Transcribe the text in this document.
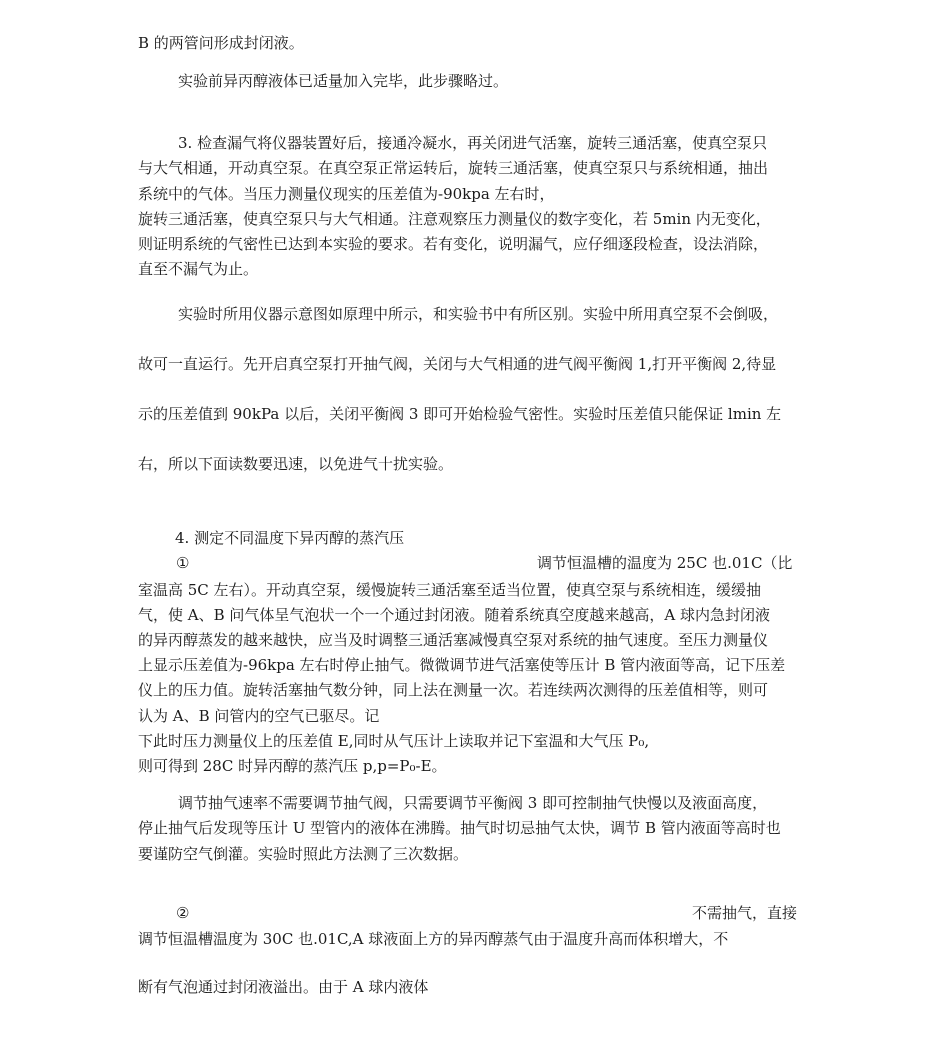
B 的两管问形成封闭液。
实验前异丙醇液体已适量加入完毕，此步骤略过。
3. 检查漏气将仪器装置好后，接通冷凝水，再关闭进气活塞，旋转三通活塞，使真空泵只
与大气相通，开动真空泵。在真空泵正常运转后，旋转三通活塞，使真空泵只与系统相通，抽出
系统中的气体。当压力测量仪现实的压差值为-90kpa 左右时，
旋转三通活塞，使真空泵只与大气相通。注意观察压力测量仪的数字变化，若 5min 内无变化，
则证明系统的气密性已达到本实验的要求。若有变化，说明漏气，应仔细逐段检查，设法消除，
直至不漏气为止。
实验时所用仪器示意图如原理中所示，和实验书中有所区别。实验中所用真空泵不会倒吸，
故可一直运行。先开启真空泵打开抽气阀，关闭与大气相通的进气阀平衡阀 1,打开平衡阀 2,待显
示的压差值到 90kPa 以后，关闭平衡阀 3 即可开始检验气密性。实验时压差值只能保证 lmin 左
右，所以下面读数要迅速，以免进气十扰实验。
4. 测定不同温度下异丙醇的蒸汽压
①	调节恒温槽的温度为 25C 也.01C（比
室温高 5C 左右）。开动真空泵，缓慢旋转三通活塞至适当位置，使真空泵与系统相连，缓缓抽
气，使 A、B 问气体呈气泡状一个一个通过封闭液。随着系统真空度越来越高，A 球内急封闭液
的异丙醇蒸发的越来越快，应当及时调整三通活塞减慢真空泵对系统的抽气速度。至压力测量仪
上显示压差值为-96kpa 左右时停止抽气。微微调节进气活塞使等压计 B 管内液面等高，记下压差
仪上的压力值。旋转活塞抽气数分钟，同上法在测量一次。若连续两次测得的压差值相等，则可
认为 A、B 问管内的空气已驱尽。记
下此时压力测量仪上的压差值 E,同时从气压计上读取并记下室温和大气压 P₀,
则可得到 28C 时异丙醇的蒸汽压 p,p=P₀-E。
调节抽气速率不需要调节抽气阀，只需要调节平衡阀 3 即可控制抽气快慢以及液面高度，
停止抽气后发现等压计 U 型管内的液体在沸腾。抽气时切忌抽气太快，调节 B 管内液面等高时也
要谨防空气倒灌。实验时照此方法测了三次数据。
②	不需抽气，直接
调节恒温槽温度为 30C 也.01C,A 球液面上方的异丙醇蒸气由于温度升高而体积增大，不
断有气泡通过封闭液溢出。由于 A 球内液体
